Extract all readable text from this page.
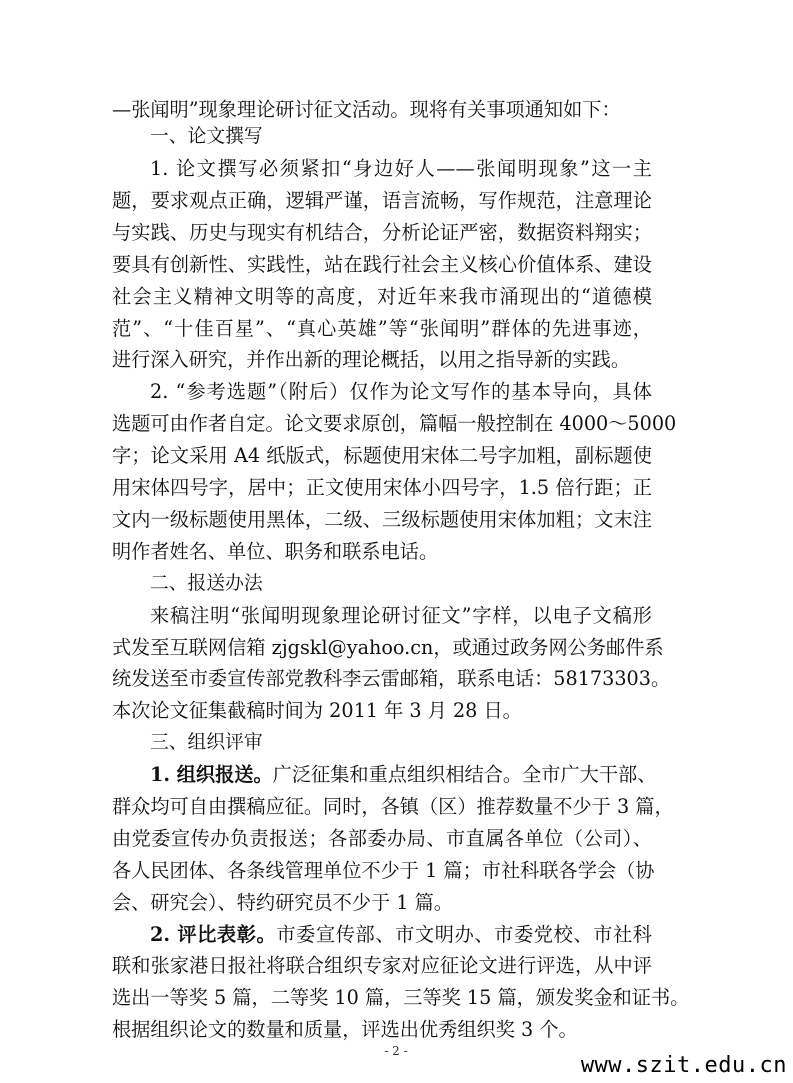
—张闻明”现象理论研讨征文活动。现将有关事项通知如下：
一、论文撰写
1. 论文撰写必须紧扣“身边好人——张闻明现象”这一主
题，要求观点正确，逻辑严谨，语言流畅，写作规范，注意理论
与实践、历史与现实有机结合，分析论证严密，数据资料翔实；
要具有创新性、实践性，站在践行社会主义核心价值体系、建设
社会主义精神文明等的高度，对近年来我市涌现出的“道德模
范”、“十佳百星”、“真心英雄”等“张闻明”群体的先进事迹，
进行深入研究，并作出新的理论概括，以用之指导新的实践。
2. “参考选题”（附后）仅作为论文写作的基本导向，具体
选题可由作者自定。论文要求原创，篇幅一般控制在 4000～5000
字；论文采用 A4 纸版式，标题使用宋体二号字加粗，副标题使
用宋体四号字，居中；正文使用宋体小四号字，1.5 倍行距；正
文内一级标题使用黑体，二级、三级标题使用宋体加粗；文末注
明作者姓名、单位、职务和联系电话。
二、报送办法
来稿注明“张闻明现象理论研讨征文”字样，以电子文稿形
式发至互联网信箱 zjgskl@yahoo.cn，或通过政务网公务邮件系
统发送至市委宣传部党教科李云雷邮箱，联系电话：58173303。
本次论文征集截稿时间为 2011 年 3 月 28 日。
三、组织评审
1. 组织报送。广泛征集和重点组织相结合。全市广大干部、
群众均可自由撰稿应征。同时，各镇（区）推荐数量不少于 3 篇，
由党委宣传办负责报送；各部委办局、市直属各单位（公司）、
各人民团体、各条线管理单位不少于 1 篇；市社科联各学会（协
会、研究会）、特约研究员不少于 1 篇。
2. 评比表彰。市委宣传部、市文明办、市委党校、市社科
联和张家港日报社将联合组织专家对应征论文进行评选，从中评
选出一等奖 5 篇，二等奖 10 篇，三等奖 15 篇，颁发奖金和证书。
根据组织论文的数量和质量，评选出优秀组织奖 3 个。
- 2 -
www.szit.edu.cn
